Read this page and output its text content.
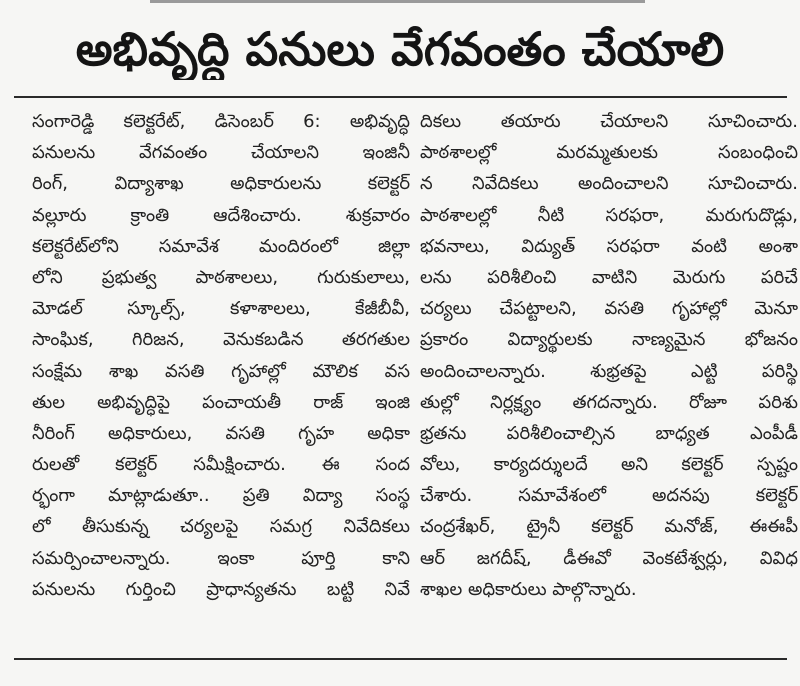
అభివృద్ధి పనులు వేగవంతం చేయాలి
సంగారెడ్డి కలెక్టరేట్, డిసెంబర్ 6: అభివృద్ధి
పనులను వేగవంతం చేయాలని ఇంజినీ
రింగ్, విద్యాశాఖ అధికారులను కలెక్టర్
వల్లూరు క్రాంతి ఆదేశించారు. శుక్రవారం
కలెక్టరేట్‌లోని సమావేశ మందిరంలో జిల్లా
లోని ప్రభుత్వ పాఠశాలలు, గురుకులాలు,
మోడల్ స్కూల్స్, కళాశాలలు, కేజీబీవీ,
సాంఘిక, గిరిజన, వెనుకబడిన తరగతుల
సంక్షేమ శాఖ వసతి గృహాల్లో మౌలిక వస
తుల అభివృద్ధిపై పంచాయతీ రాజ్ ఇంజి
నీరింగ్ అధికారులు, వసతి గృహ అధికా
రులతో కలెక్టర్ సమీక్షించారు. ఈ సంద
ర్భంగా మాట్లాడుతూ.. ప్రతి విద్యా సంస్థ
లో తీసుకున్న చర్యలపై సమగ్ర నివేదికలు
సమర్పించాలన్నారు. ఇంకా పూర్తి కాని
పనులను గుర్తించి ప్రాధాన్యతను బట్టి నివే
దికలు తయారు చేయాలని సూచించారు.
పాఠశాలల్లో మరమ్మతులకు సంబంధించి
న నివేదికలు అందించాలని సూచించారు.
పాఠశాలల్లో నీటి సరఫరా, మరుగుదొడ్లు,
భవనాలు, విద్యుత్ సరఫరా వంటి అంశా
లను పరిశీలించి వాటిని మెరుగు పరిచే
చర్యలు చేపట్టాలని, వసతి గృహాల్లో మెనూ
ప్రకారం విద్యార్థులకు నాణ్యమైన భోజనం
అందించాలన్నారు. శుభ్రతపై ఎట్టి పరిస్థి
తుల్లో నిర్లక్ష్యం తగదన్నారు. రోజూ పరిశు
భ్రతను పరిశీలించాల్సిన బాధ్యత ఎంపీడీ
వోలు, కార్యదర్శులదే అని కలెక్టర్ స్పష్టం
చేశారు. సమావేశంలో అదనపు కలెక్టర్
చంద్రశేఖర్, ట్రైనీ కలెక్టర్ మనోజ్, ఈఈపీ
ఆర్ జగదీష్, డీఈవో వెంకటేశ్వర్లు, వివిధ
శాఖల అధికారులు పాల్గొన్నారు.
